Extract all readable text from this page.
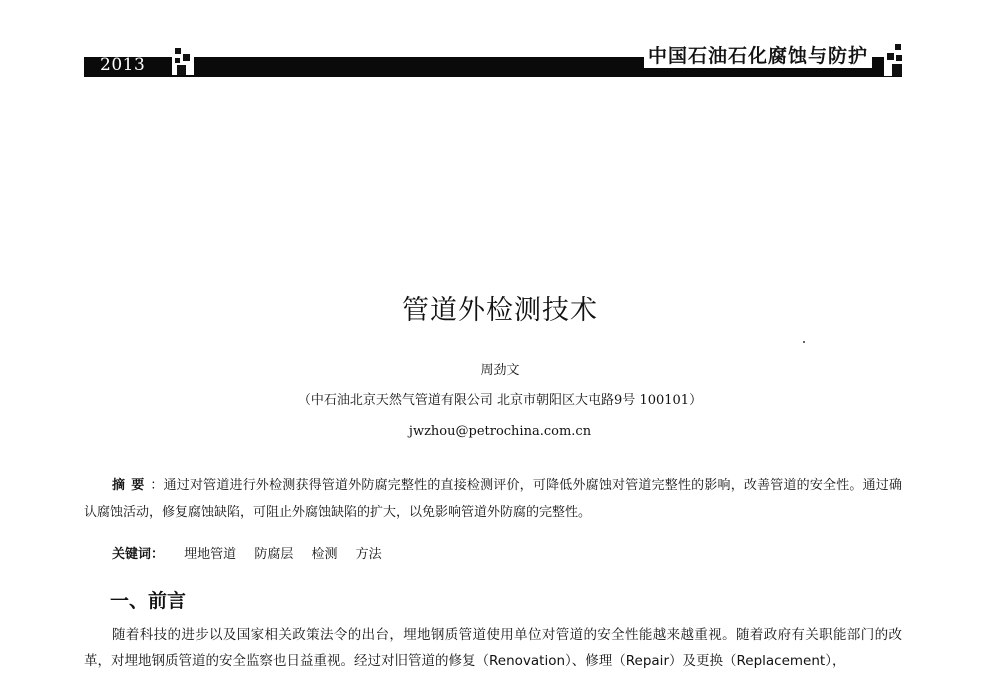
2013	中国石油石化腐蚀与防护
管道外检测技术
周劲文
（中石油北京天然气管道有限公司 北京市朝阳区大屯路9号 100101）
jwzhou@petrochina.com.cn
摘要：通过对管道进行外检测获得管道外防腐完整性的直接检测评价，可降低外腐蚀对管道完整性的影响，改善管道的安全性。通过确认腐蚀活动，修复腐蚀缺陷，可阻止外腐蚀缺陷的扩大，以免影响管道外防腐的完整性。
关键词： 埋地管道 防腐层 检测 方法
一、前言
随着科技的进步以及国家相关政策法令的出台，埋地钢质管道使用单位对管道的安全性能越来越重视。随着政府有关职能部门的改革，对埋地钢质管道的安全监察也日益重视。经过对旧管道的修复（Renovation）、修理（Repair）及更换（Replacement），
